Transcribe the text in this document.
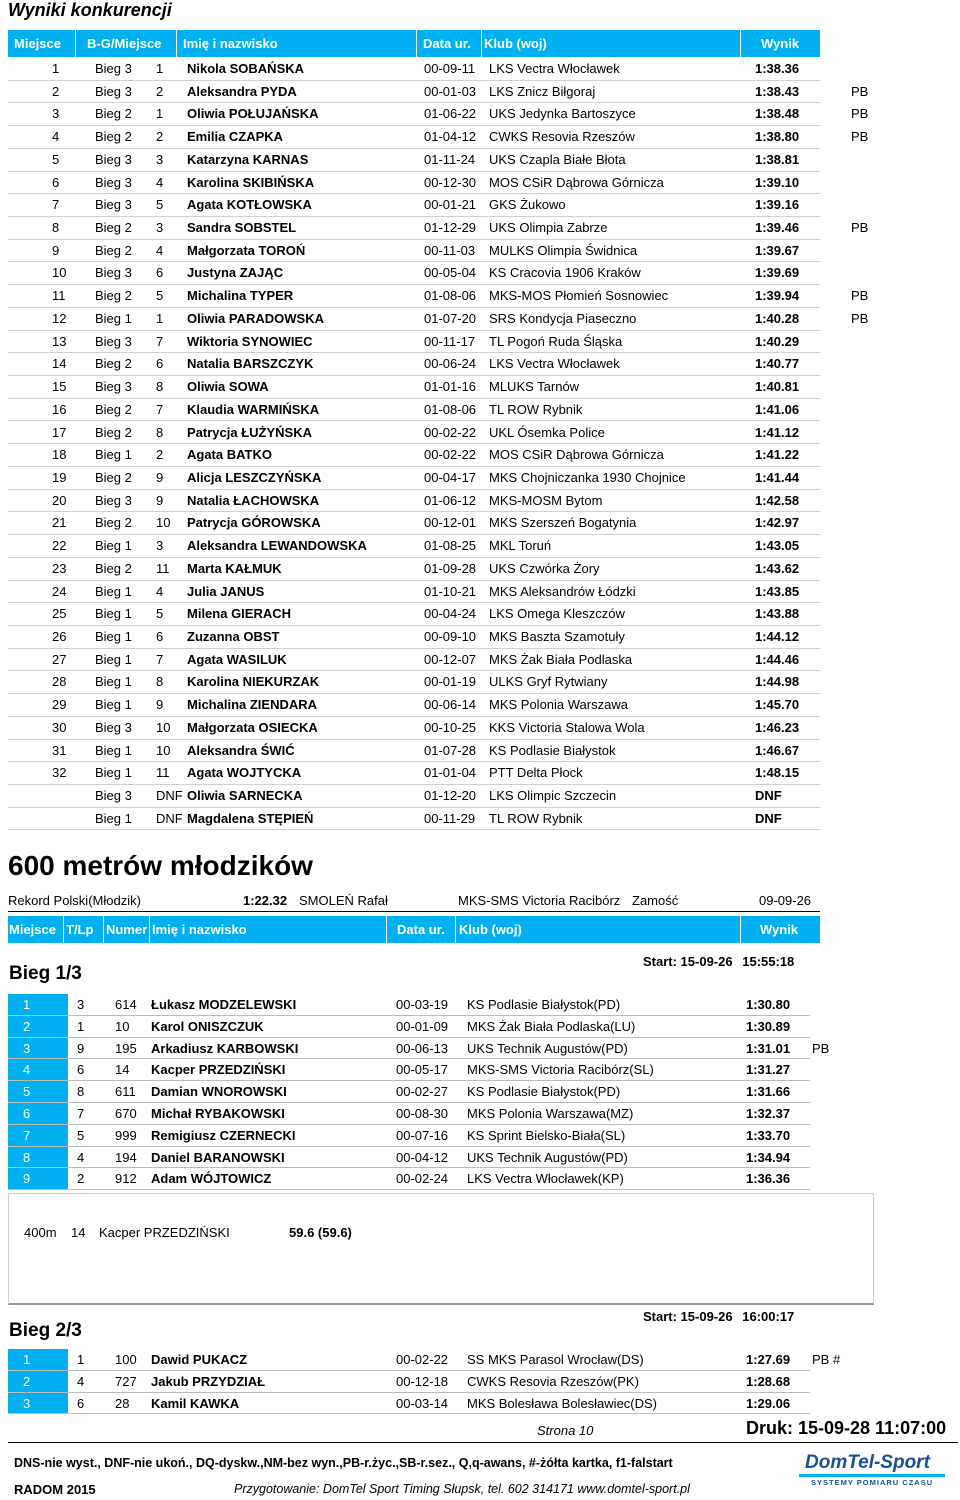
Wyniki konkurencji
Miejsce B-G/Miejsce Imię i nazwisko	Data ur. Klub (woj)	Wynik
1	Bieg 3 1 Nikola SOBAŃSKA	00-09-11 LKS Vectra Włocławek	1:38.36
2	Bieg 3 2 Aleksandra PYDA	00-01-03 LKS Znicz Biłgoraj	1:38.43	PB
3	Bieg 2 1 Oliwia POŁUJAŃSKA	01-06-22 UKS Jedynka Bartoszyce	1:38.48	PB
4	Bieg 2 2 Emilia CZAPKA	01-04-12 CWKS Resovia Rzeszów	1:38.80	PB
5	Bieg 3 3 Katarzyna KARNAS	01-11-24 UKS Czapla Białe Błota	1:38.81
6	Bieg 3 4 Karolina SKIBIŃSKA	00-12-30 MOS CSiR Dąbrowa Górnicza	1:39.10
7	Bieg 3 5 Agata KOTŁOWSKA	00-01-21 GKS Żukowo	1:39.16
8	Bieg 2 3 Sandra SOBSTEL	01-12-29 UKS Olimpia Zabrze	1:39.46	PB
9	Bieg 2 4 Małgorzata TOROŃ	00-11-03 MULKS Olimpia Świdnica	1:39.67
10 Bieg 3 6 Justyna ZAJĄC	00-05-04 KS Cracovia 1906 Kraków	1:39.69
11 Bieg 2 5 Michalina TYPER	01-08-06 MKS-MOS Płomień Sosnowiec	1:39.94	PB
12 Bieg 1 1 Oliwia PARADOWSKA	01-07-20 SRS Kondycja Piaseczno	1:40.28	PB
13 Bieg 3 7 Wiktoria SYNOWIEC	00-11-17 TL Pogoń Ruda Śląska	1:40.29
14 Bieg 2 6 Natalia BARSZCZYK	00-06-24 LKS Vectra Włocławek	1:40.77
15 Bieg 3 8 Oliwia SOWA	01-01-16 MLUKS Tarnów	1:40.81
16 Bieg 2 7 Klaudia WARMIŃSKA	01-08-06 TL ROW Rybnik	1:41.06
17 Bieg 2 8 Patrycja ŁUŻYŃSKA	00-02-22 UKL Ósemka Police	1:41.12
18 Bieg 1 2 Agata BATKO	00-02-22 MOS CSiR Dąbrowa Górnicza	1:41.22
19 Bieg 2 9 Alicja LESZCZYŃSKA	00-04-17 MKS Chojniczanka 1930 Chojnice	1:41.44
20 Bieg 3 9 Natalia ŁACHOWSKA	01-06-12 MKS-MOSM Bytom	1:42.58
21 Bieg 2 10 Patrycja GÓROWSKA	00-12-01 MKS Szerszeń Bogatynia	1:42.97
22 Bieg 1 3 Aleksandra LEWANDOWSKA	01-08-25 MKL Toruń	1:43.05
23 Bieg 2 11 Marta KAŁMUK	01-09-28 UKS Czwórka Żory	1:43.62
24 Bieg 1 4 Julia JANUS	01-10-21 MKS Aleksandrów Łódzki	1:43.85
25 Bieg 1 5 Milena GIERACH	00-04-24 LKS Omega Kleszczów	1:43.88
26 Bieg 1 6 Zuzanna OBST	00-09-10 MKS Baszta Szamotuły	1:44.12
27 Bieg 1 7 Agata WASILUK	00-12-07 MKS Żak Biała Podlaska	1:44.46
28 Bieg 1 8 Karolina NIEKURZAK	00-01-19 ULKS Gryf Rytwiany	1:44.98
29 Bieg 1 9 Michalina ZIENDARA	00-06-14 MKS Polonia Warszawa	1:45.70
30 Bieg 3 10 Małgorzata OSIECKA	00-10-25 KKS Victoria Stalowa Wola	1:46.23
31 Bieg 1 10 Aleksandra ŚWIĆ	01-07-28 KS Podlasie Białystok	1:46.67
32 Bieg 1 11 Agata WOJTYCKA	01-01-04 PTT Delta Płock	1:48.15
Bieg 3 DNF Oliwia SARNECKA	01-12-20 LKS Olimpic Szczecin	DNF
Bieg 1 DNF Magdalena STĘPIEŃ	00-11-29 TL ROW Rybnik	DNF
600 metrów młodzików
Rekord Polski(Młodzik)	1:22.32 SMOLEŃ Rafał	MKS-SMS Victoria Racibórz Zamość	09-09-26
Miejsce T/Lp Numer Imię i nazwisko	Data ur. Klub (woj)	Wynik
Bieg 1/3
Start: 15-09-26 15:55:18
1	3 614 Łukasz MODZELEWSKI	00-03-19 KS Podlasie Białystok(PD)	1:30.80
2	1 10 Karol ONISZCZUK	00-01-09 MKS Żak Biała Podlaska(LU)	1:30.89
3	9 195 Arkadiusz KARBOWSKI	00-06-13 UKS Technik Augustów(PD)	1:31.01 PB
4	6 14 Kacper PRZEDZIŃSKI	00-05-17 MKS-SMS Victoria Racibórz(SL)	1:31.27
5	8 611 Damian WNOROWSKI	00-02-27 KS Podlasie Białystok(PD)	1:31.66
6	7 670 Michał RYBAKOWSKI	00-08-30 MKS Polonia Warszawa(MZ)	1:32.37
7	5 999 Remigiusz CZERNECKI	00-07-16 KS Sprint Bielsko-Biała(SL)	1:33.70
8	4 194 Daniel BARANOWSKI	00-04-12 UKS Technik Augustów(PD)	1:34.94
9	2 912 Adam WÓJTOWICZ	00-02-24 LKS Vectra Włocławek(KP)	1:36.36
400m 14 Kacper PRZEDZIŃSKI	59.6 (59.6)
Bieg 2/3
Start: 15-09-26 16:00:17
1	1 100 Dawid PUKACZ	00-02-22 SS MKS Parasol Wrocław(DS)	1:27.69 PB #
2	4 727 Jakub PRZYDZIAŁ	00-12-18 CWKS Resovia Rzeszów(PK)	1:28.68
3	6 28 Kamil KAWKA	00-03-14 MKS Bolesława Bolesławiec(DS)	1:29.06
Strona 10	Druk: 15-09-28 11:07:00
DNS-nie wyst., DNF-nie ukoń., DQ-dyskw.,NM-bez wyn.,PB-r.życ.,SB-r.sez., Q,q-awans, #-żółta kartka, f1-falstart
RADOM 2015	Przygotowanie: DomTel Sport Timing Słupsk, tel. 602 314171 www.domtel-sport.pl
DomTel-Sport
SYSTEMY POMIARU CZASU
